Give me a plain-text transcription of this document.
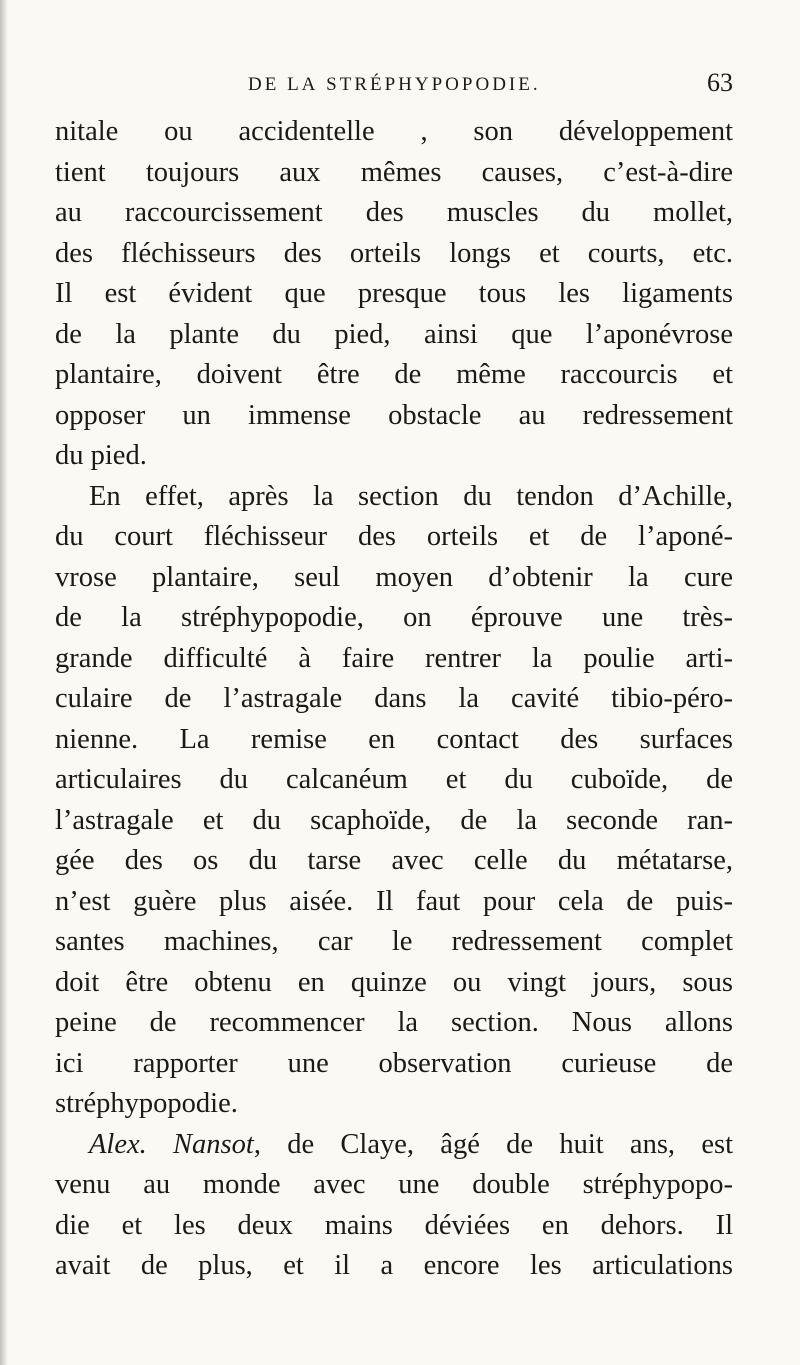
DE LA STRÉPHYPOPODIE.	63
nitale ou accidentelle , son développement
tient toujours aux mêmes causes, c’est-à-dire
au raccourcissement des muscles du mollet,
des fléchisseurs des orteils longs et courts, etc.
Il est évident que presque tous les ligaments
de la plante du pied, ainsi que l’aponévrose
plantaire, doivent être de même raccourcis et
opposer un immense obstacle au redressement
du pied.
En effet, après la section du tendon d’Achille,
du court fléchisseur des orteils et de l’aponé-
vrose plantaire, seul moyen d’obtenir la cure
de la stréphypopodie, on éprouve une très-
grande difficulté à faire rentrer la poulie arti-
culaire de l’astragale dans la cavité tibio-péro-
nienne. La remise en contact des surfaces
articulaires du calcanéum et du cuboïde, de
l’astragale et du scaphoïde, de la seconde ran-
gée des os du tarse avec celle du métatarse,
n’est guère plus aisée. Il faut pour cela de puis-
santes machines, car le redressement complet
doit être obtenu en quinze ou vingt jours, sous
peine de recommencer la section. Nous allons
ici rapporter une observation curieuse de
stréphypopodie.
Alex. Nansot, de Claye, âgé de huit ans, est
venu au monde avec une double stréphypopo-
die et les deux mains déviées en dehors. Il
avait de plus, et il a encore les articulations
